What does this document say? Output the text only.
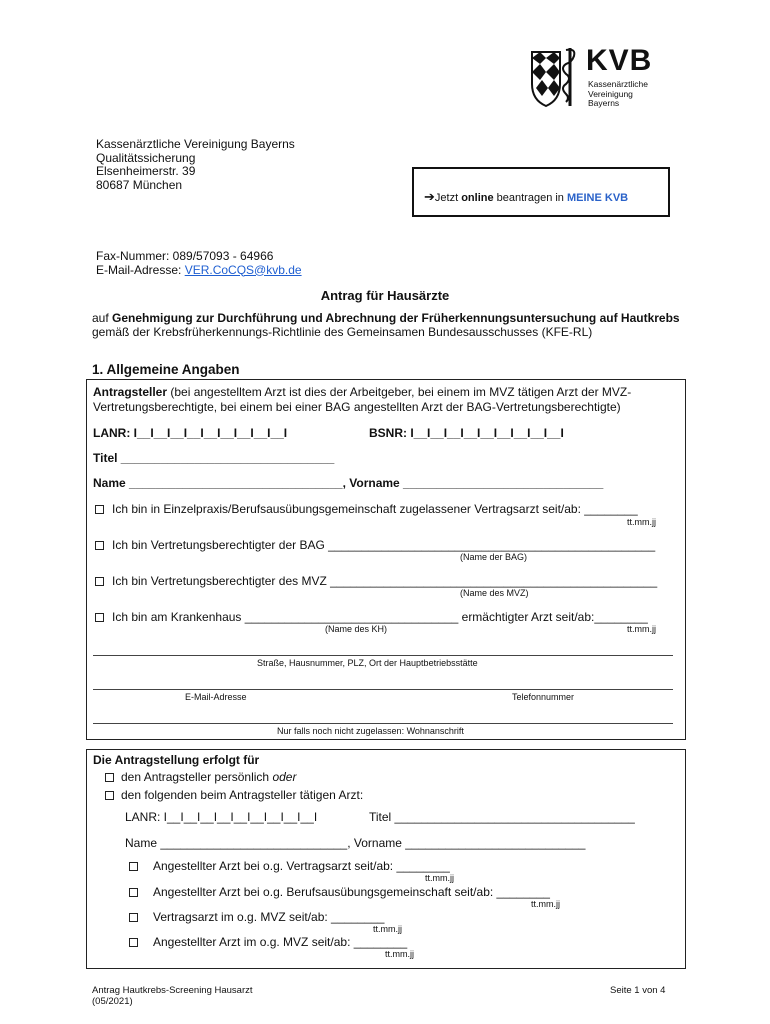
KVB
Kassenärztliche
Vereinigung
Bayerns
Kassenärztliche Vereinigung Bayerns
Qualitätssicherung
Elsenheimerstr. 39
80687 München
➔Jetzt online beantragen in MEINE KVB
Fax-Nummer: 089/57093 - 64966
E-Mail-Adresse: VER.CoCQS@kvb.de
Antrag für Hausärzte
auf Genehmigung zur Durchführung und Abrechnung der Früherkennungsuntersuchung auf Hautkrebs gemäß der Krebsfrüherkennungs-Richtlinie des Gemeinsamen Bundesausschusses (KFE-RL)
1. Allgemeine Angaben
Antragsteller (bei angestelltem Arzt ist dies der Arbeitgeber, bei einem im MVZ tätigen Arzt der MVZ-
Vertretungsberechtigte, bei einem bei einer BAG angestellten Arzt der BAG-Vertretungsberechtigte)
LANR: I__I__I__I__I__I__I__I__I__I	BSNR: I__I__I__I__I__I__I__I__I__I
Titel ________________________________
Name ________________________________, Vorname ______________________________
Ich bin in Einzelpraxis/Berufsausübungsgemeinschaft zugelassener Vertragsarzt seit/ab: ________
tt.mm.jj
Ich bin Vertretungsberechtigter der BAG _________________________________________________
(Name der BAG)
Ich bin Vertretungsberechtigter des MVZ _________________________________________________
(Name des MVZ)
Ich bin am Krankenhaus ________________________________ ermächtigter Arzt seit/ab:________
(Name des KH)	tt.mm.jj
Straße, Hausnummer, PLZ, Ort der Hauptbetriebsstätte
E-Mail-Adresse	Telefonnummer
Nur falls noch nicht zugelassen: Wohnanschrift
Die Antragstellung erfolgt für
den Antragsteller persönlich oder
den folgenden beim Antragsteller tätigen Arzt:
LANR: I__I__I__I__I__I__I__I__I__I	Titel ____________________________________
Name ____________________________, Vorname ___________________________
Angestellter Arzt bei o.g. Vertragsarzt seit/ab: ________
tt.mm.jj
Angestellter Arzt bei o.g. Berufsausübungsgemeinschaft seit/ab: ________
tt.mm.jj
Vertragsarzt im o.g. MVZ seit/ab: ________
tt.mm.jj
Angestellter Arzt im o.g. MVZ seit/ab: ________
tt.mm.jj
Antrag Hautkrebs-Screening Hausarzt
(05/2021)
Seite 1 von 4
